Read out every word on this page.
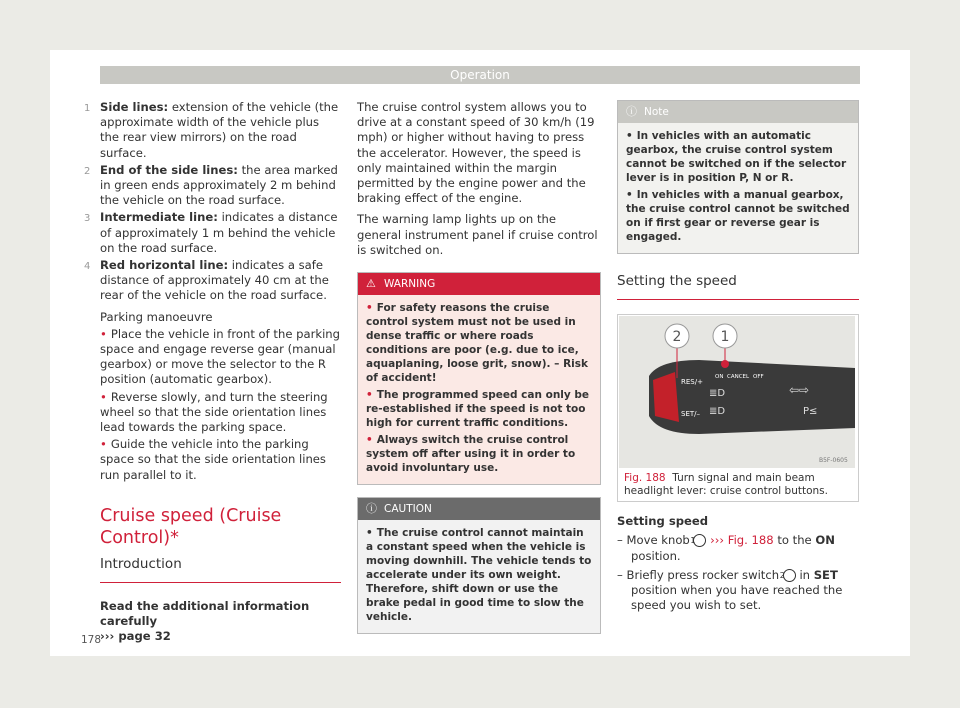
Operation
1 Side lines: extension of the vehicle (the approximate width of the vehicle plus the rear view mirrors) on the road surface.
2 End of the side lines: the area marked in green ends approximately 2 m behind the vehicle on the road surface.
3 Intermediate line: indicates a distance of approximately 1 m behind the vehicle on the road surface.
4 Red horizontal line: indicates a safe distance of approximately 40 cm at the rear of the vehicle on the road surface.

Parking manoeuvre

• Place the vehicle in front of the parking space and engage reverse gear (manual gearbox) or move the selector to the R position (automatic gearbox).

• Reverse slowly, and turn the steering wheel so that the side orientation lines lead towards the parking space.

• Guide the vehicle into the parking space so that the side orientation lines run parallel to it.

Cruise speed (Cruise Control)*
Introduction
Read the additional information carefully
››› page 32

The cruise control system allows you to drive at a constant speed of 30 km/h (19 mph) or higher without having to press the accelerator. However, the speed is only maintained within the margin permitted by the engine power and the braking effect of the engine.

The warning lamp lights up on the general instrument panel if cruise control is switched on.

⚠ WARNING
• For safety reasons the cruise control system must not be used in dense traffic or where roads conditions are poor (e.g. due to ice, aquaplaning, loose grit, snow). – Risk of accident!
• The programmed speed can only be re-established if the speed is not too high for current traffic conditions.
• Always switch the cruise control system off after using it in order to avoid involuntary use.
ⓘ CAUTION
• The cruise control cannot maintain a constant speed when the vehicle is moving downhill. The vehicle tends to accelerate under its own weight. Therefore, shift down or use the brake pedal in good time to slow the vehicle.
ⓘ Note
• In vehicles with an automatic gearbox, the cruise control system cannot be switched on if the selector lever is in position P, N or R.
• In vehicles with a manual gearbox, the cruise control cannot be switched on if first gear or reverse gear is engaged.
Setting the speed
2	1
RES/+
SET/–
ON CANCEL OFF
≣D
≣D
⇦⇨
P≤
B5F-0605
Fig. 188 Turn signal and main beam headlight lever: cruise control buttons.

Setting speed

– Move knob 1 ››› Fig. 188 to the ON position.
– Briefly press rocker switch 2 in SET position when you have reached the speed you wish to set.
178
